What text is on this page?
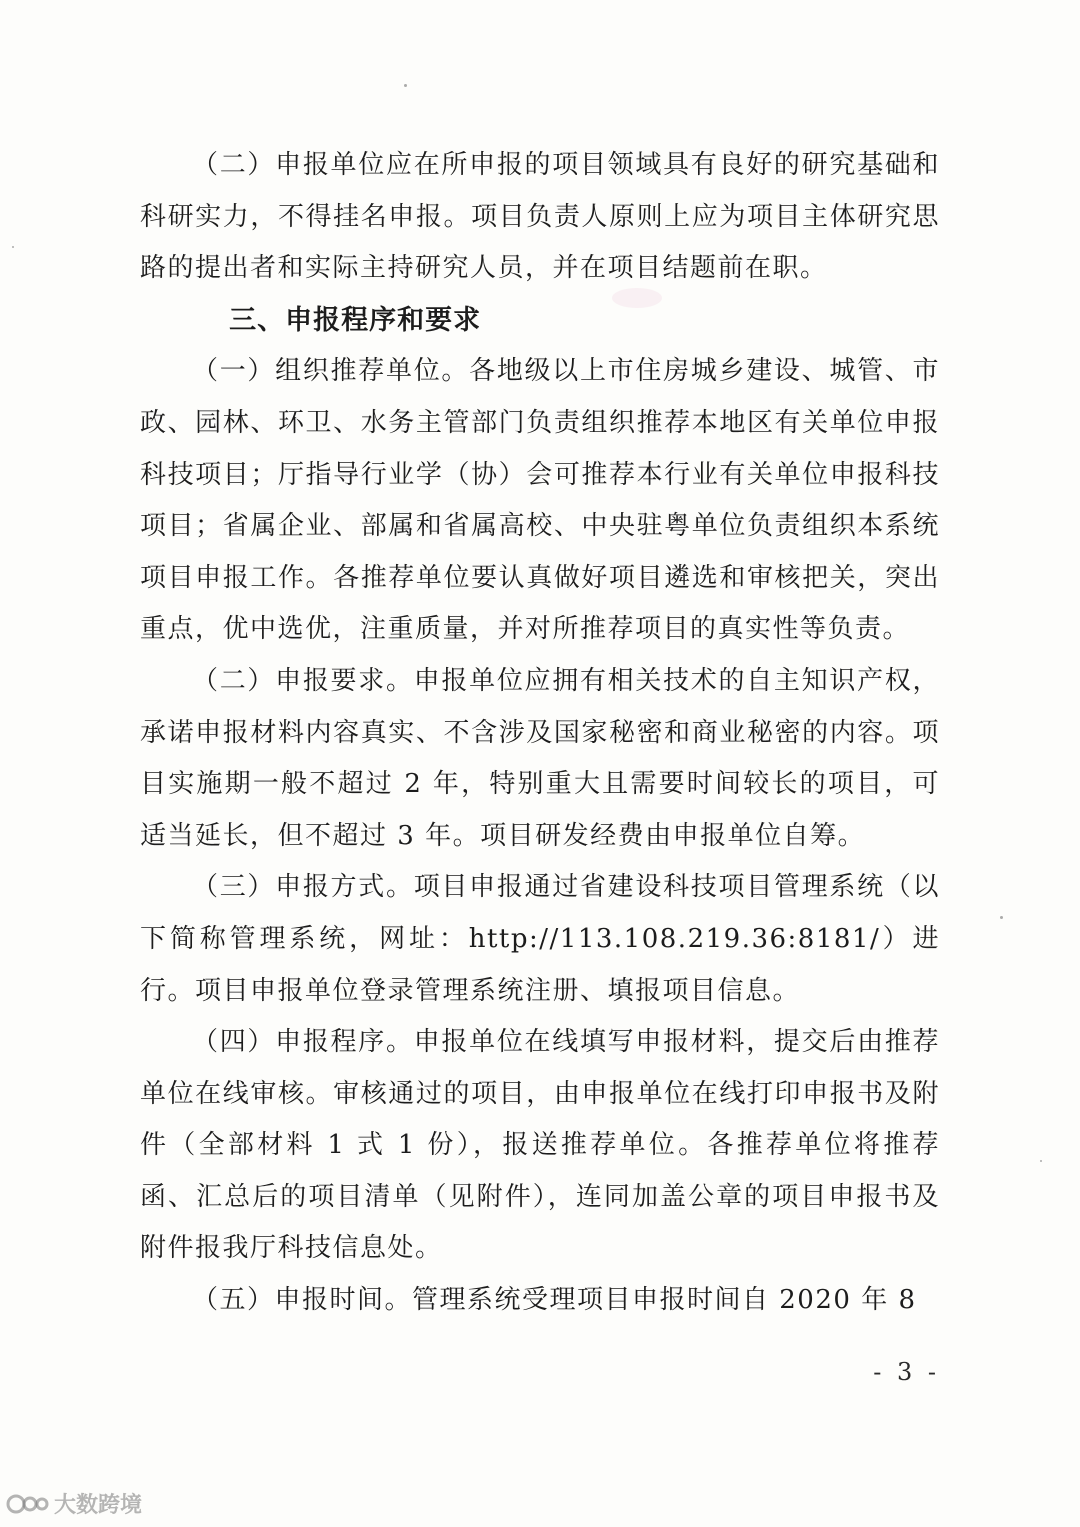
（二）申报单位应在所申报的项目领域具有良好的研究基础和科研实力，不得挂名申报。项目负责人原则上应为项目主体研究思路的提出者和实际主持研究人员，并在项目结题前在职。

三、申报程序和要求

（一）组织推荐单位。各地级以上市住房城乡建设、城管、市政、园林、环卫、水务主管部门负责组织推荐本地区有关单位申报科技项目；厅指导行业学（协）会可推荐本行业有关单位申报科技项目；省属企业、部属和省属高校、中央驻粤单位负责组织本系统项目申报工作。各推荐单位要认真做好项目遴选和审核把关，突出重点，优中选优，注重质量，并对所推荐项目的真实性等负责。

（二）申报要求。申报单位应拥有相关技术的自主知识产权，承诺申报材料内容真实、不含涉及国家秘密和商业秘密的内容。项目实施期一般不超过 2 年，特别重大且需要时间较长的项目，可适当延长，但不超过 3 年。项目研发经费由申报单位自筹。

（三）申报方式。项目申报通过省建设科技项目管理系统（以下简称管理系统，网址：http://113.108.219.36:8181/）进行。项目申报单位登录管理系统注册、填报项目信息。

（四）申报程序。申报单位在线填写申报材料，提交后由推荐单位在线审核。审核通过的项目，由申报单位在线打印申报书及附件（全部材料 1 式 1 份），报送推荐单位。各推荐单位将推荐函、汇总后的项目清单（见附件），连同加盖公章的项目申报书及附件报我厅科技信息处。

（五）申报时间。管理系统受理项目申报时间自 2020 年 8

- 3 -
大数跨境
